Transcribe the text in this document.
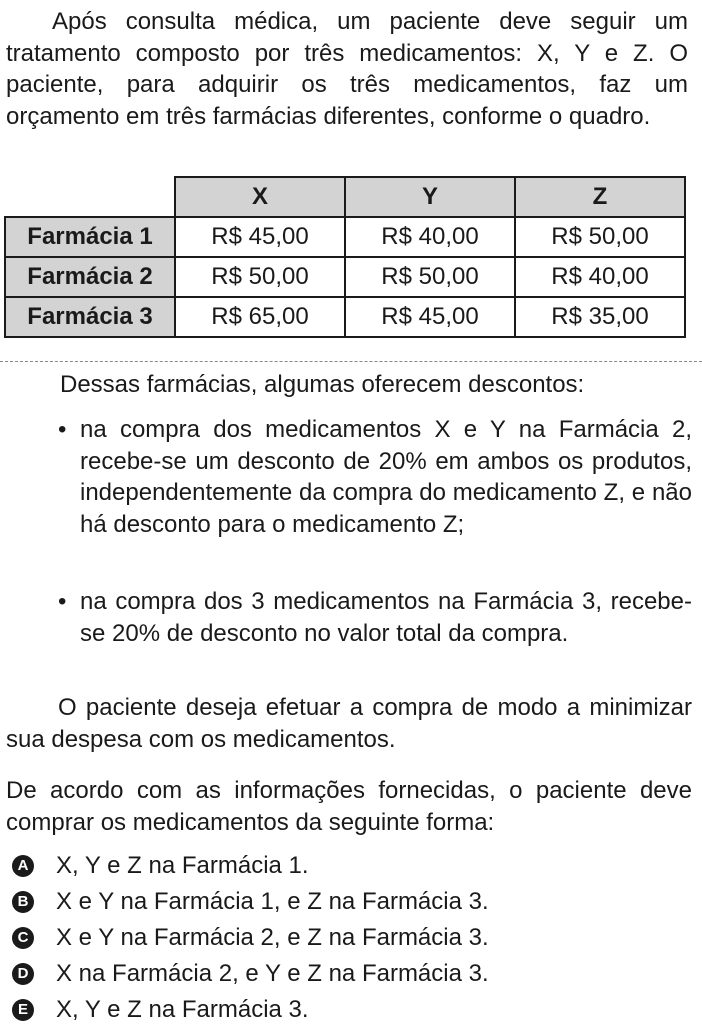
Após consulta médica, um paciente deve seguir um tratamento composto por três medicamentos: X, Y e Z. O paciente, para adquirir os três medicamentos, faz um orçamento em três farmácias diferentes, conforme o quadro.
	X	Y	Z
Farmácia 1	R$ 45,00	R$ 40,00	R$ 50,00
Farmácia 2	R$ 50,00	R$ 50,00	R$ 40,00
Farmácia 3	R$ 65,00	R$ 45,00	R$ 35,00
Dessas farmácias, algumas oferecem descontos:
• na compra dos medicamentos X e Y na Farmácia 2, recebe-se um desconto de 20% em ambos os produtos, independentemente da compra do medicamento Z, e não há desconto para o medicamento Z;
• na compra dos 3 medicamentos na Farmácia 3, recebe-se 20% de desconto no valor total da compra.
O paciente deseja efetuar a compra de modo a minimizar sua despesa com os medicamentos.
De acordo com as informações fornecidas, o paciente deve comprar os medicamentos da seguinte forma:
A X, Y e Z na Farmácia 1.
B X e Y na Farmácia 1, e Z na Farmácia 3.
C X e Y na Farmácia 2, e Z na Farmácia 3.
D X na Farmácia 2, e Y e Z na Farmácia 3.
E X, Y e Z na Farmácia 3.
